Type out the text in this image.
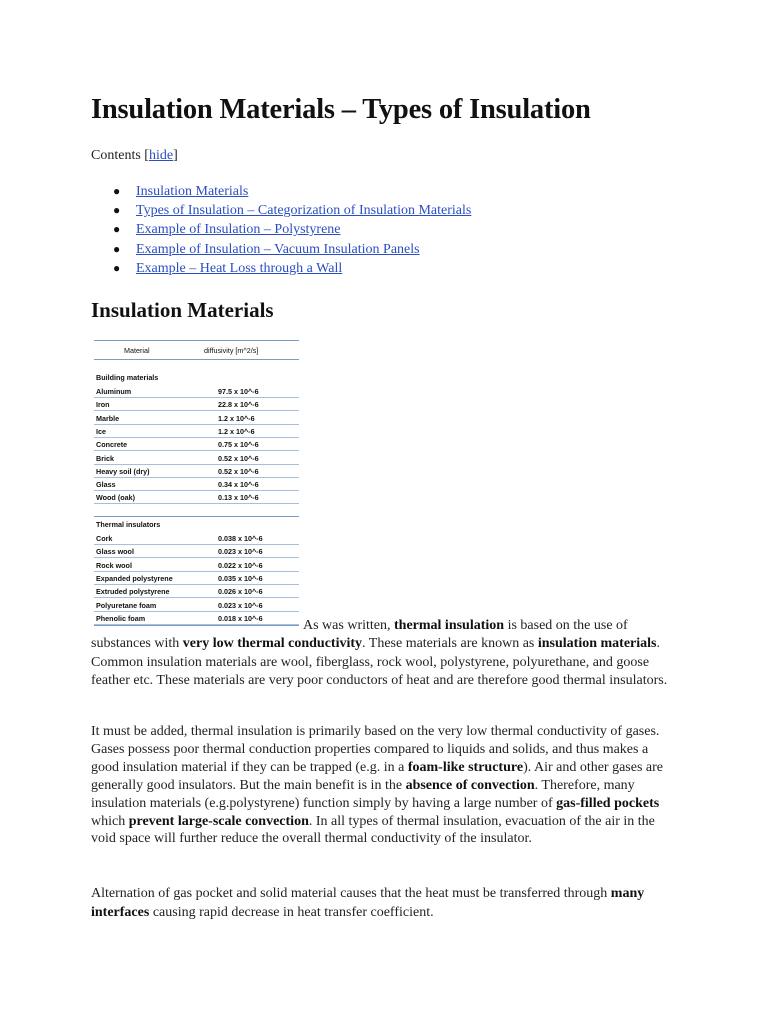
Insulation Materials – Types of Insulation
Contents [hide]
● Insulation Materials
● Types of Insulation – Categorization of Insulation Materials
● Example of Insulation – Polystyrene
● Example of Insulation – Vacuum Insulation Panels
● Example – Heat Loss through a Wall
Insulation Materials
Material	diffusivity [m^2/s]
Building materials
Aluminum	97.5 x 10^-6
Iron	22.8 x 10^-6
Marble	1.2 x 10^-6
Ice	1.2 x 10^-6
Concrete	0.75 x 10^-6
Brick	0.52 x 10^-6
Heavy soil (dry)	0.52 x 10^-6
Glass	0.34 x 10^-6
Wood (oak)	0.13 x 10^-6
Thermal insulators
Cork	0.038 x 10^-6
Glass wool	0.023 x 10^-6
Rock wool	0.022 x 10^-6
Expanded polystyrene	0.035 x 10^-6
Extruded polystyrene	0.026 x 10^-6
Polyuretane foam	0.023 x 10^-6
Phenolic foam	0.018 x 10^-6	As was written, thermal insulation is based on the use of substances with very low thermal conductivity. These materials are known as insulation materials. Common insulation materials are wool, fiberglass, rock wool, polystyrene, polyurethane, and goose feather etc. These materials are very poor conductors of heat and are therefore good thermal insulators.
It must be added, thermal insulation is primarily based on the very low thermal conductivity of gases. Gases possess poor thermal conduction properties compared to liquids and solids, and thus makes a good insulation material if they can be trapped (e.g. in a foam-like structure). Air and other gases are generally good insulators. But the main benefit is in the absence of convection. Therefore, many insulation materials (e.g.polystyrene) function simply by having a large number of gas-filled pockets which prevent large-scale convection. In all types of thermal insulation, evacuation of the air in the void space will further reduce the overall thermal conductivity of the insulator.
Alternation of gas pocket and solid material causes that the heat must be transferred through many interfaces causing rapid decrease in heat transfer coefficient.
